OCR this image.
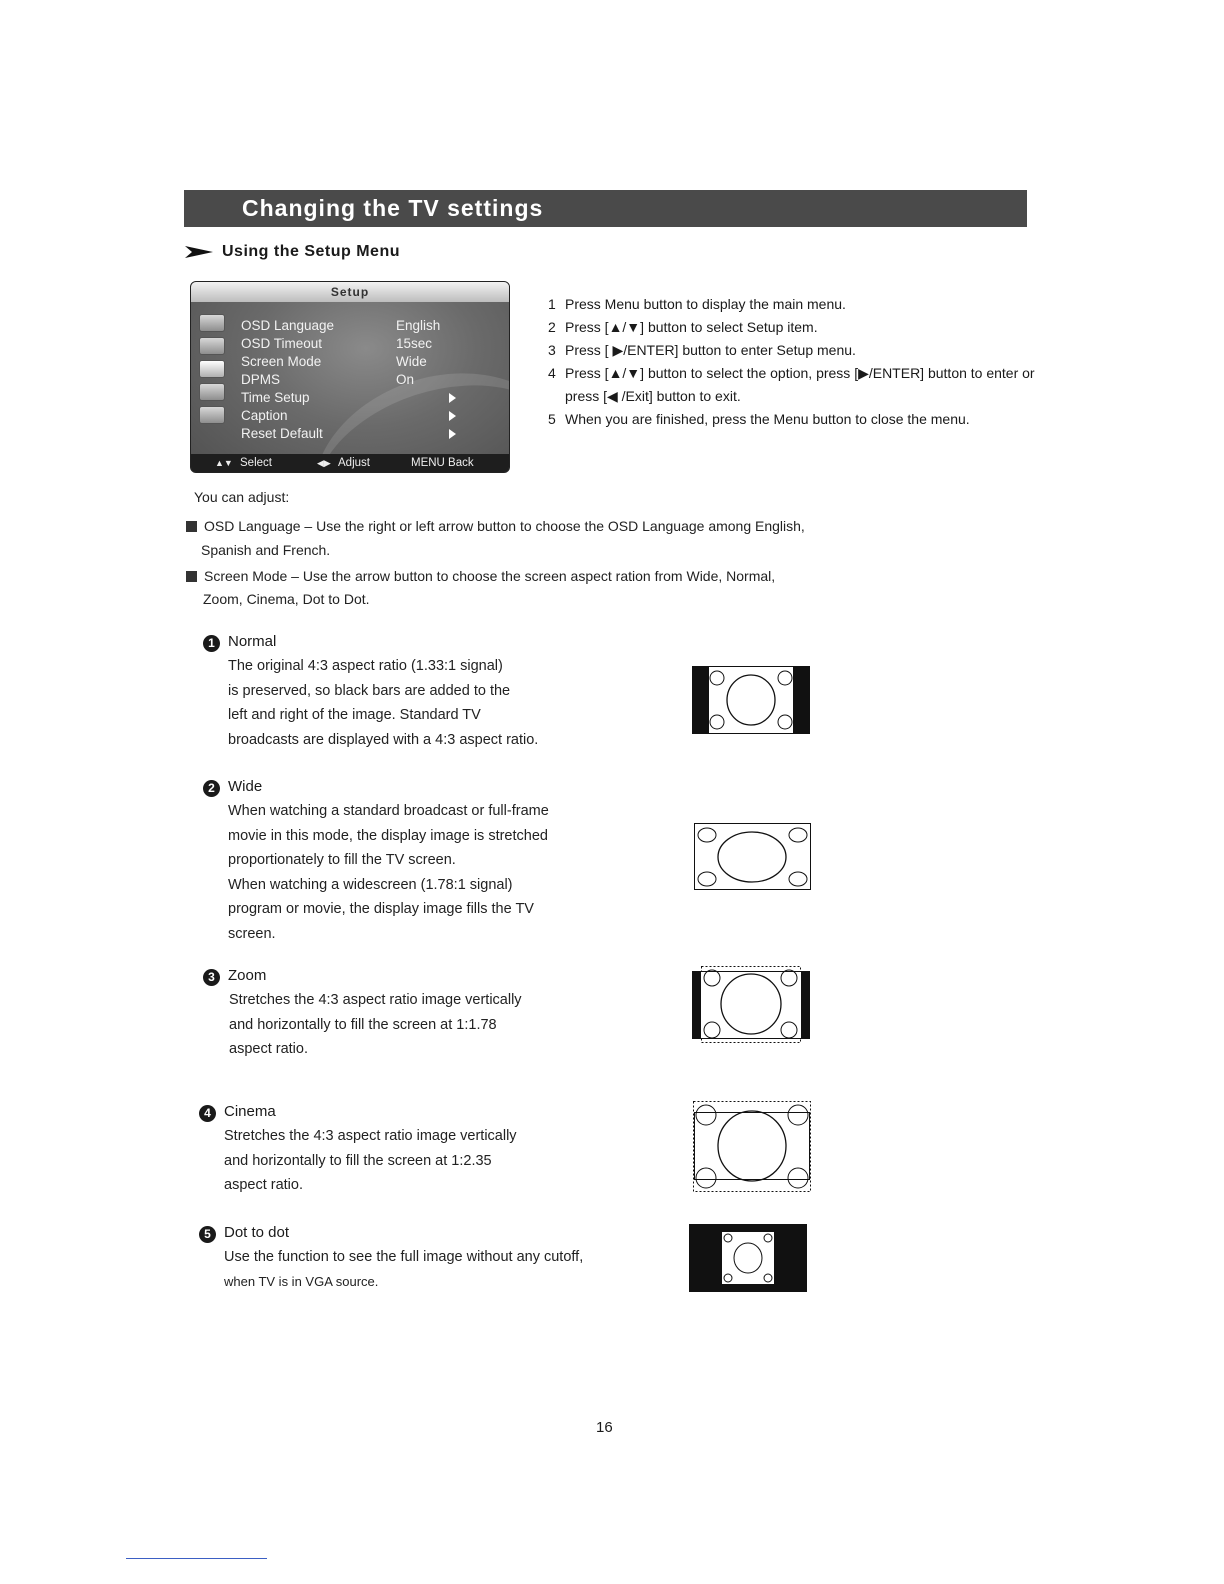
Changing the TV settings
Using the Setup Menu
Setup
OSD Language	English
OSD Timeout	15sec
Screen Mode	Wide
DPMS	On
Time Setup
Caption
Reset Default
▲▼ Select	◀▶ Adjust	MENU Back
1 Press Menu button to display the main menu.
2 Press [▲/▼] button to select Setup item.
3 Press [ ▶/ENTER] button to enter Setup menu.
4 Press [▲/▼] button to select the option, press [▶/ENTER] button to enter or press [◀ /Exit] button to exit.
5 When you are finished, press the Menu button to close the menu.
You can adjust:
OSD Language – Use the right or left arrow button to choose the OSD Language among English,
Spanish and French.
Screen Mode – Use the arrow button to choose the screen aspect ration from Wide, Normal,
Zoom, Cinema, Dot to Dot.
1 Normal
The original 4:3 aspect ratio (1.33:1 signal)
is preserved, so black bars are added to the
left and right of the image. Standard TV
broadcasts are displayed with a 4:3 aspect ratio.
2 Wide
When watching a standard broadcast or full-frame
movie in this mode, the display image is stretched
proportionately to fill the TV screen.
When watching a widescreen (1.78:1 signal)
program or movie, the display image fills the TV
screen.
3 Zoom
Stretches the 4:3 aspect ratio image vertically
and horizontally to fill the screen at 1:1.78
aspect ratio.
4 Cinema
Stretches the 4:3 aspect ratio image vertically
and horizontally to fill the screen at 1:2.35
aspect ratio.
5 Dot to dot
Use the function to see the full image without any cutoff,
when TV is in VGA source.
16
